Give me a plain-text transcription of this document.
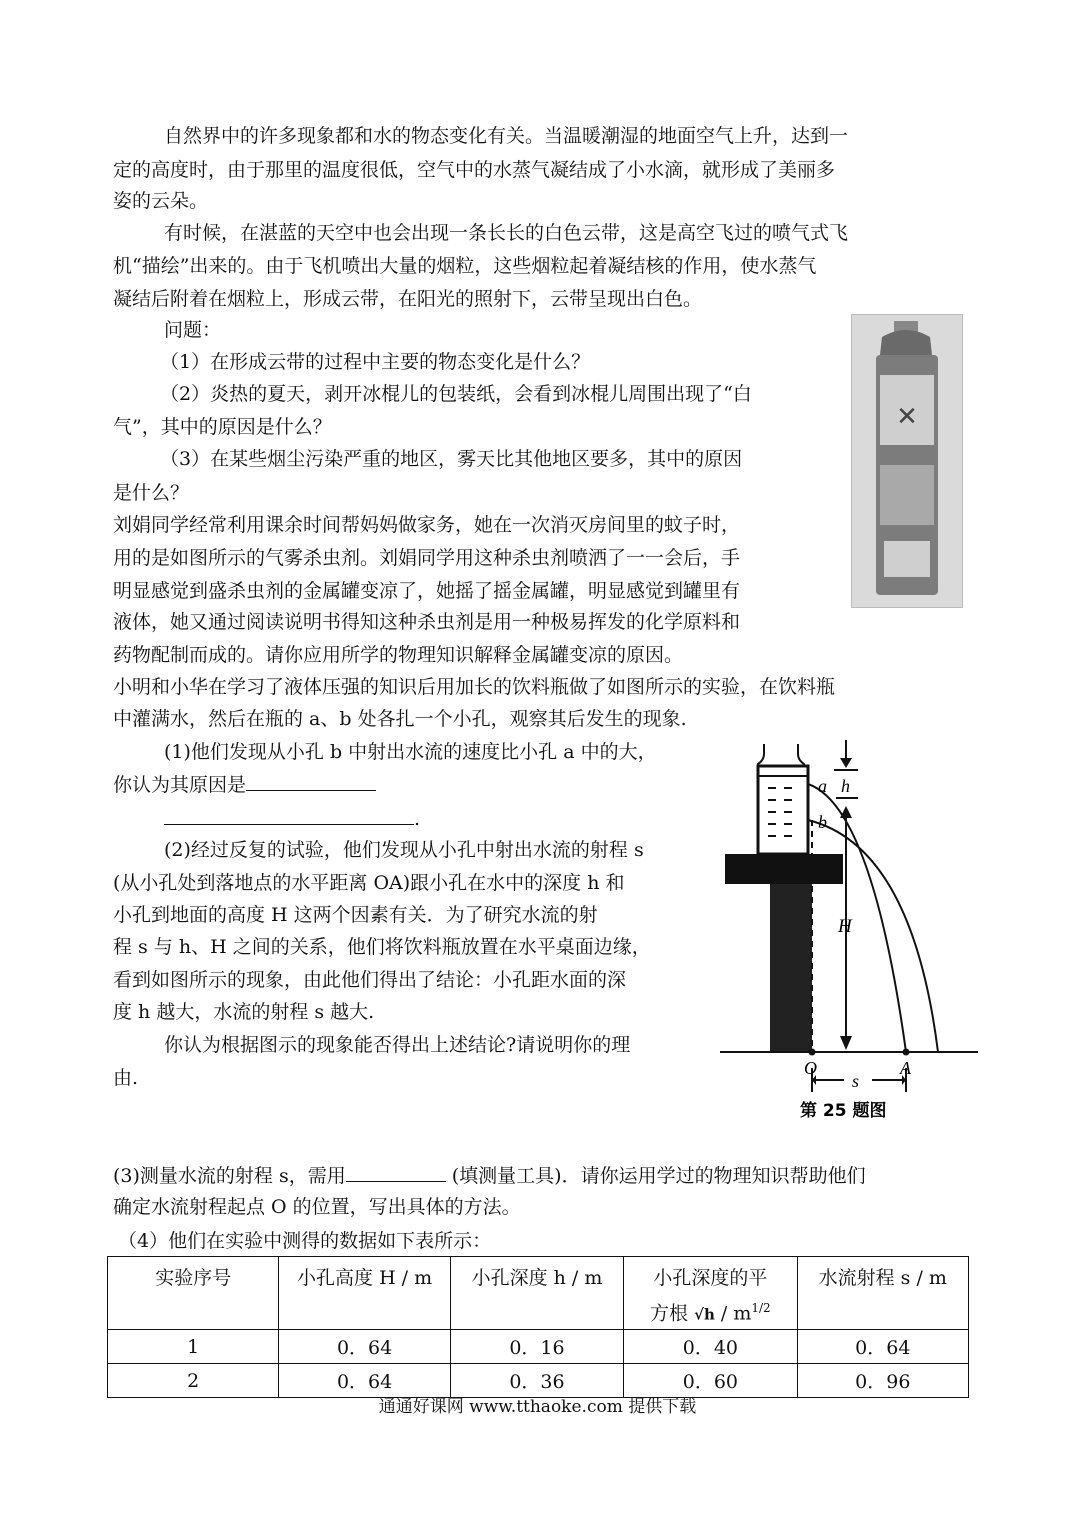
自然界中的许多现象都和水的物态变化有关。当温暖潮湿的地面空气上升，达到一
定的高度时，由于那里的温度很低，空气中的水蒸气凝结成了小水滴，就形成了美丽多
姿的云朵。
有时候，在湛蓝的天空中也会出现一条长长的白色云带，这是高空飞过的喷气式飞
机“描绘”出来的。由于飞机喷出大量的烟粒，这些烟粒起着凝结核的作用，使水蒸气
凝结后附着在烟粒上，形成云带，在阳光的照射下，云带呈现出白色。
问题：
（1）在形成云带的过程中主要的物态变化是什么？
（2）炎热的夏天，剥开冰棍儿的包装纸，会看到冰棍儿周围出现了“白
气”，其中的原因是什么？
（3）在某些烟尘污染严重的地区，雾天比其他地区要多，其中的原因
是什么？
✕
刘娟同学经常利用课余时间帮妈妈做家务，她在一次消灭房间里的蚊子时，
用的是如图所示的气雾杀虫剂。刘娟同学用这种杀虫剂喷洒了一一会后，手
明显感觉到盛杀虫剂的金属罐变凉了，她摇了摇金属罐，明显感觉到罐里有
液体，她又通过阅读说明书得知这种杀虫剂是用一种极易挥发的化学原料和
药物配制而成的。请你应用所学的物理知识解释金属罐变凉的原因。
小明和小华在学习了液体压强的知识后用加长的饮料瓶做了如图所示的实验，在饮料瓶
中灌满水，然后在瓶的 a、b 处各扎一个小孔，观察其后发生的现象.
(1)他们发现从小孔 b 中射出水流的速度比小孔 a 中的大，
你认为其原因是
.
(2)经过反复的试验，他们发现从小孔中射出水流的射程 s
(从小孔处到落地点的水平距离 OA)跟小孔在水中的深度 h 和
小孔到地面的高度 H 这两个因素有关．为了研究水流的射
程 s 与 h、H 之间的关系，他们将饮料瓶放置在水平桌面边缘，
看到如图所示的现象，由此他们得出了结论：小孔距水面的深
度 h 越大，水流的射程 s 越大.
你认为根据图示的现象能否得出上述结论?请说明你的理
由.
a
b
h
H
O	A
s
第 25 题图
(3)测量水流的射程 s，需用	(填测量工具)．请你运用学过的物理知识帮助他们
确定水流射程起点 O 的位置，写出具体的方法。
（4）他们在实验中测得的数据如下表所示：
实验序号	小孔高度 H / m	小孔深度 h / m	小孔深度的平
方根 $√h / m^{1/2}$	水流射程 s / m
1	0．64	0．16	0．40	0．64
2	0．64	0．36	0．60	0．96
通通好课网 www.tthaoke.com 提供下载
